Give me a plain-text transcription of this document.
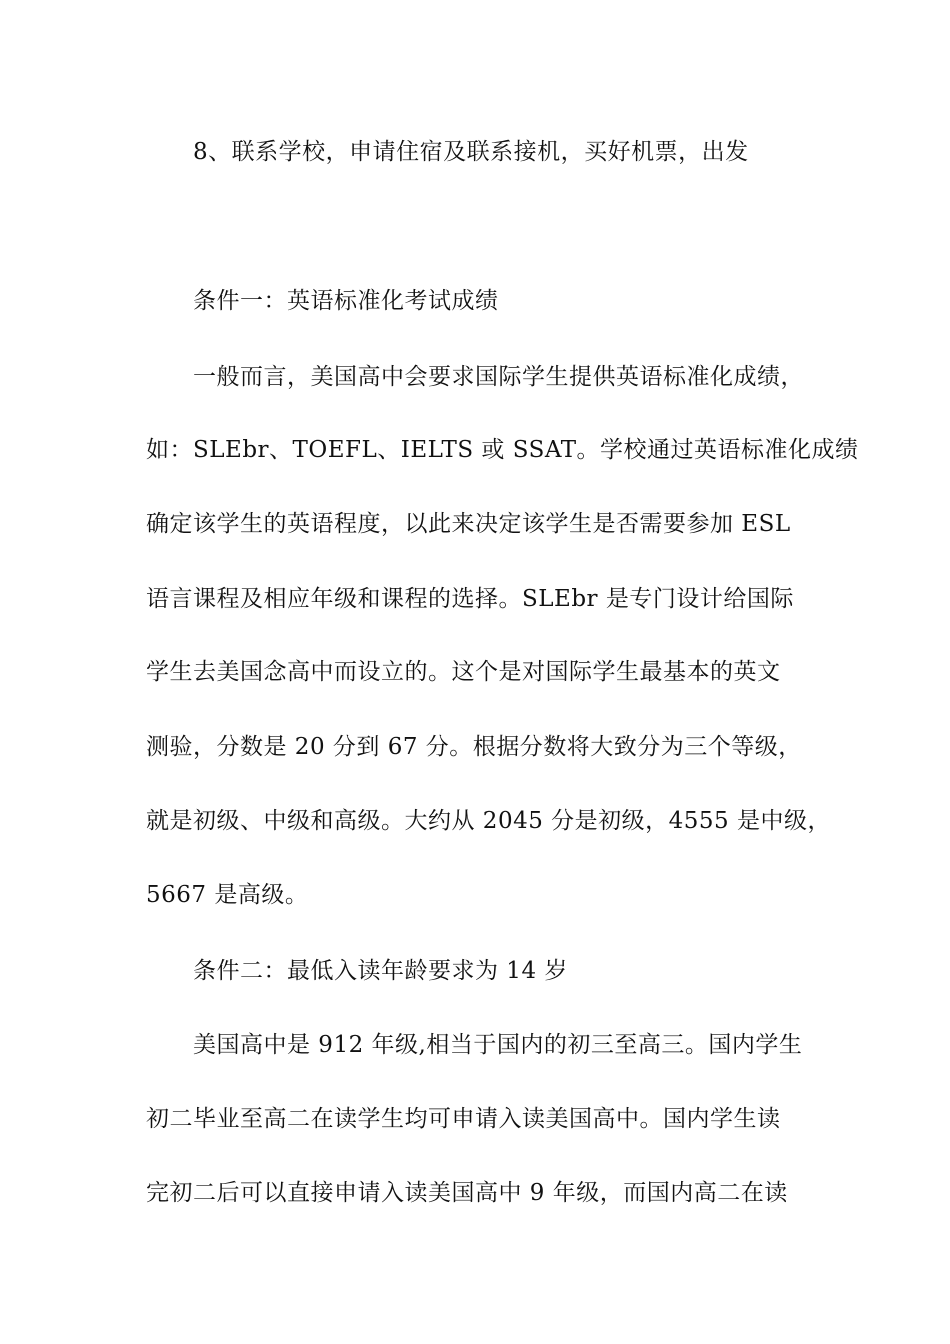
8、联系学校，申请住宿及联系接机，买好机票，出发
条件一：英语标准化考试成绩
一般而言，美国高中会要求国际学生提供英语标准化成绩，
如：SLEbr、TOEFL、IELTS 或 SSAT。学校通过英语标准化成绩
确定该学生的英语程度，以此来决定该学生是否需要参加 ESL
语言课程及相应年级和课程的选择。SLEbr 是专门设计给国际
学生去美国念高中而设立的。这个是对国际学生最基本的英文
测验，分数是 20 分到 67 分。根据分数将大致分为三个等级，
就是初级、中级和高级。大约从 2045 分是初级，4555 是中级，
5667 是高级。
条件二：最低入读年龄要求为 14 岁
美国高中是 912 年级,相当于国内的初三至高三。国内学生
初二毕业至高二在读学生均可申请入读美国高中。国内学生读
完初二后可以直接申请入读美国高中 9 年级，而国内高二在读
